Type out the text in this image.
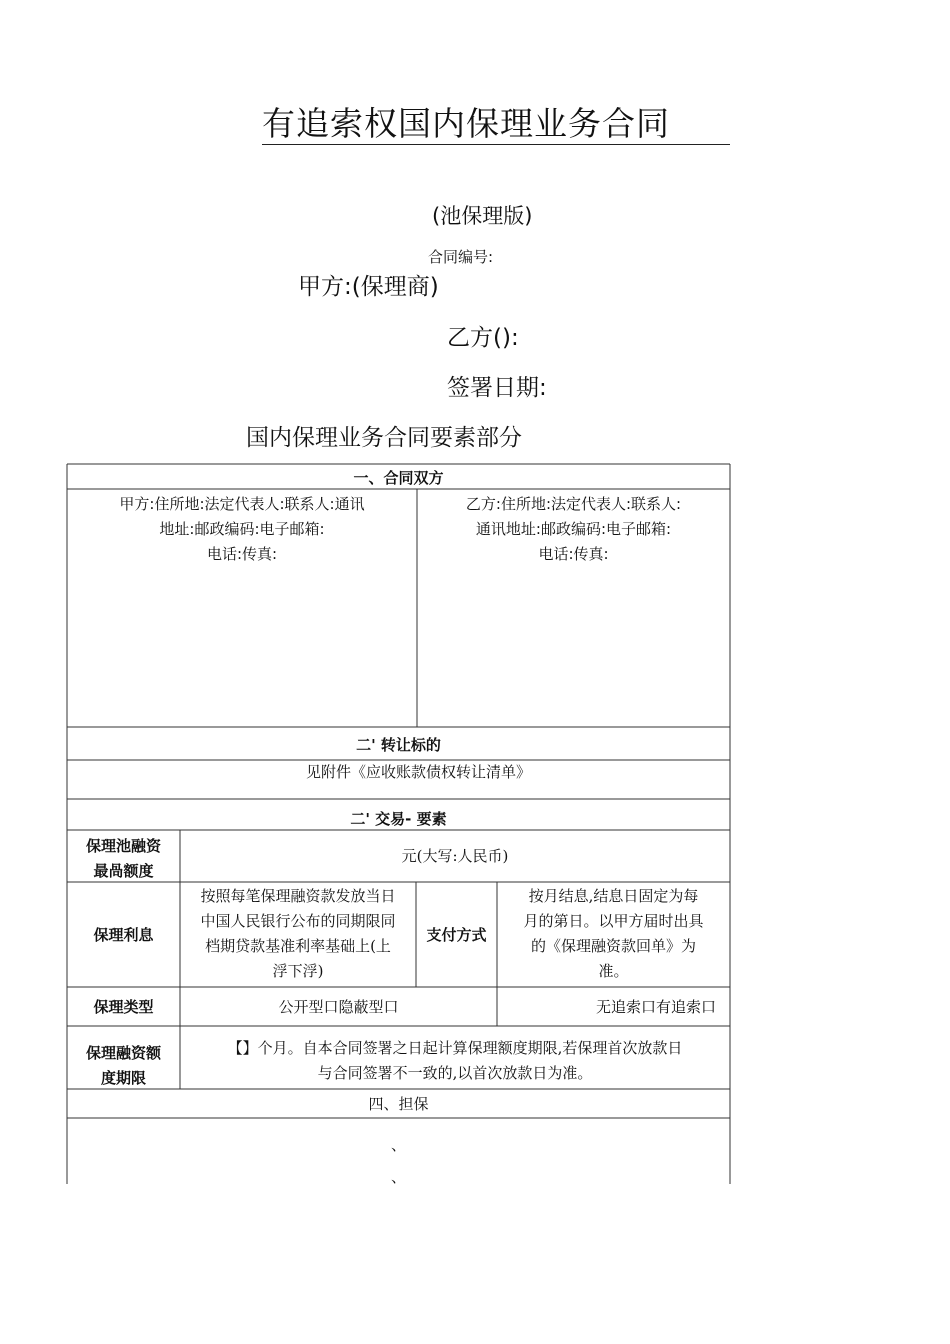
有追索权国内保理业务合同
(池保理版)
合同编号:
甲方:(保理商)
乙方():
签署日期:
国内保理业务合同要素部分
一、合同双方
甲方:住所地:法定代表人:联系人:通讯
地址:邮政编码:电子邮箱:
电话:传真:
乙方:住所地:法定代表人:联系人:
通讯地址:邮政编码:电子邮箱:
电话:传真:
二' 转让标的
见附件《应收账款债权转让清单》
二' 交易- 要素
保理池融资
最咼额度
元(大写:人民币)
保理利息
按照每笔保理融资款发放当日
中国人民银行公布的同期限同
档期贷款基准利率基础上(上
浮下浮)
支付方式
按月结息,结息日固定为每
月的第日。以甲方届时出具
的《保理融资款回单》为
准。
保理类型	公开型口隐蔽型口	无追索口有追索口
保理融资额
度期限
【】个月。自本合同签署之日起计算保理额度期限,若保理首次放款日
与合同签署不一致的,以首次放款日为准。
四、担保
、
、
